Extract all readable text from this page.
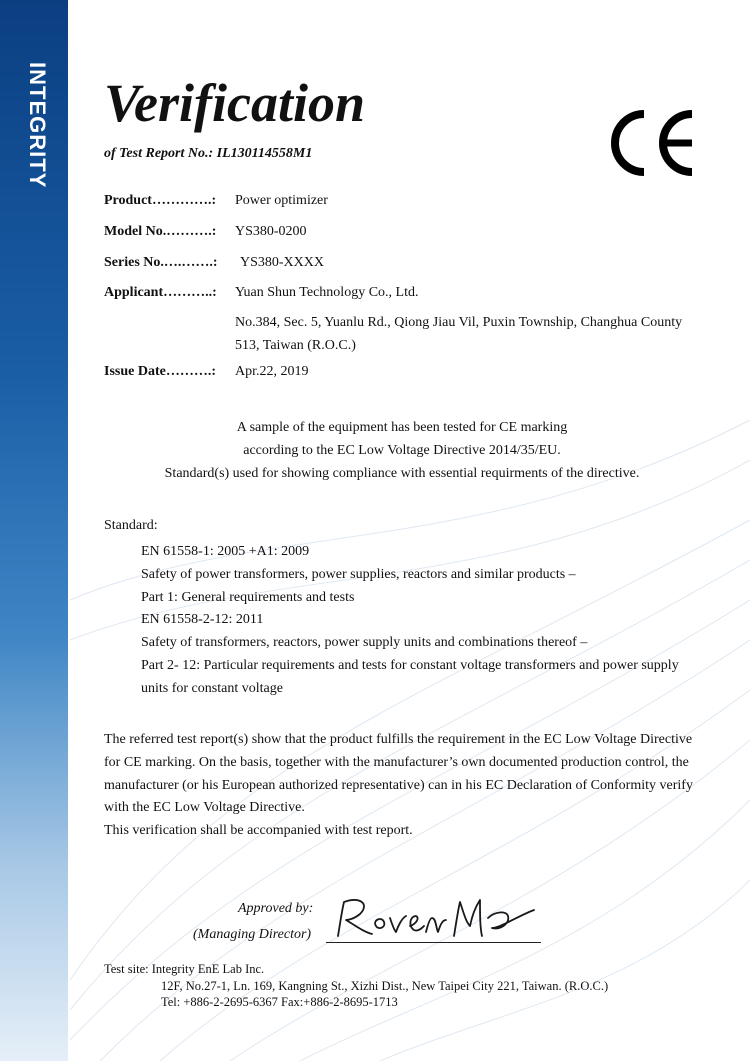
INTEGRITY Verification
of Test Report No.: IL130114558M1
Product………….: Power optimizer
Model No.……….: YS380-0200
Series No.….…….: YS380-XXXX
Applicant………..: Yuan Shun Technology Co., Ltd.
No.384, Sec. 5, Yuanlu Rd., Qiong Jiau Vil, Puxin Township, Changhua County 513, Taiwan (R.O.C.)
Issue Date……….: Apr.22, 2019
A sample of the equipment has been tested for CE marking
according to the EC Low Voltage Directive 2014/35/EU.
Standard(s) used for showing compliance with essential requirments of the directive.
Standard:
EN 61558-1: 2005 +A1: 2009
Safety of power transformers, power supplies, reactors and similar products –
Part 1: General requirements and tests
EN 61558-2-12: 2011
Safety of transformers, reactors, power supply units and combinations thereof –
Part 2- 12: Particular requirements and tests for constant voltage transformers and power supply units for constant voltage
The referred test report(s) show that the product fulfills the requirement in the EC Low Voltage Directive for CE marking. On the basis, together with the manufacturer’s own documented production control, the manufacturer (or his European authorized representative) can in his EC Declaration of Conformity verify with the EC Low Voltage Directive.
This verification shall be accompanied with test report.
Approved by:
(Managing Director)
Test site: Integrity EnE Lab Inc.
12F, No.27-1, Ln. 169, Kangning St., Xizhi Dist., New Taipei City 221, Taiwan. (R.O.C.)
Tel: +886-2-2695-6367 Fax:+886-2-8695-1713
